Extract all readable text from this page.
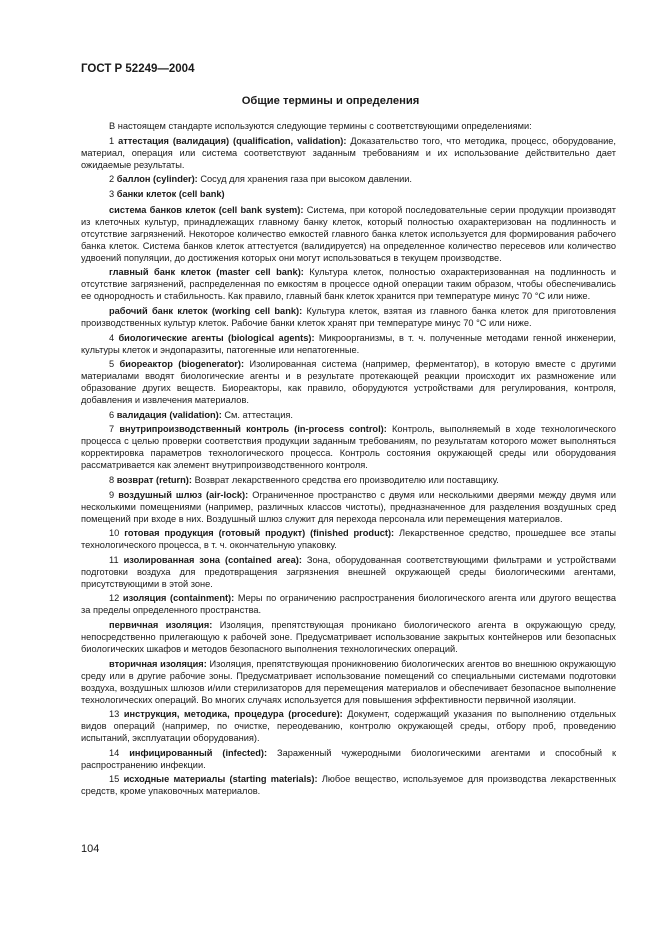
ГОСТ Р 52249—2004
Общие термины и определения

В настоящем стандарте используются следующие термины с соответствующими определениями:

1 аттестация (валидация) (qualification, validation): Доказательство того, что методика, процесс, оборудование, материал, операция или система соответствуют заданным требованиям и их использование действительно дает ожидаемые результаты.

2 баллон (cylinder): Сосуд для хранения газа при высоком давлении.

3 банки клеток (cell bank)

система банков клеток (cell bank system): Система, при которой последовательные серии продукции производят из клеточных культур, принадлежащих главному банку клеток, который полностью охарактеризован на подлинность и отсутствие загрязнений. Некоторое количество емкостей главного банка клеток используется для формирования рабочего банка клеток. Система банков клеток аттестуется (валидируется) на определенное количество пересевов или количество удвоений популяции, до достижения которых они могут использоваться в текущем производстве.

главный банк клеток (master cell bank): Культура клеток, полностью охарактеризованная на подлинность и отсутствие загрязнений, распределенная по емкостям в процессе одной операции таким образом, чтобы обеспечивались ее однородность и стабильность. Как правило, главный банк клеток хранится при температуре минус 70 °С или ниже.

рабочий банк клеток (working cell bank): Культура клеток, взятая из главного банка клеток для приготовления производственных культур клеток. Рабочие банки клеток хранят при температуре минус 70 °С или ниже.

4 биологические агенты (biological agents): Микроорганизмы, в т. ч. полученные методами генной инженерии, культуры клеток и эндопаразиты, патогенные или непатогенные.

5 биореактор (biogenerator): Изолированная система (например, ферментатор), в которую вместе с другими материалами вводят биологические агенты и в результате протекающей реакции происходит их размножение или образование других веществ. Биореакторы, как правило, оборудуются устройствами для регулирования, контроля, добавления и извлечения материалов.

6 валидация (validation): См. аттестация.

7 внутрипроизводственный контроль (in-process control): Контроль, выполняемый в ходе технологического процесса с целью проверки соответствия продукции заданным требованиям, по результатам которого может выполняться корректировка параметров технологического процесса. Контроль состояния окружающей среды или оборудования рассматривается как элемент внутрипроизводственного контроля.

8 возврат (return): Возврат лекарственного средства его производителю или поставщику.

9 воздушный шлюз (air-lock): Ограниченное пространство с двумя или несколькими дверями между двумя или несколькими помещениями (например, различных классов чистоты), предназначенное для разделения воздушных сред помещений при входе в них. Воздушный шлюз служит для перехода персонала или перемещения материалов.

10 готовая продукция (готовый продукт) (finished product): Лекарственное средство, прошедшее все этапы технологического процесса, в т. ч. окончательную упаковку.

11 изолированная зона (contained area): Зона, оборудованная соответствующими фильтрами и устройствами подготовки воздуха для предотвращения загрязнения внешней окружающей среды биологическими агентами, присутствующими в этой зоне.

12 изоляция (containment): Меры по ограничению распространения биологического агента или другого вещества за пределы определенного пространства.

первичная изоляция: Изоляция, препятствующая проникано биологического агента в окружающую среду, непосредственно прилегающую к рабочей зоне. Предусматривает использование закрытых контейнеров или безопасных биологических шкафов и методов безопасного выполнения технологических операций.

вторичная изоляция: Изоляция, препятствующая проникновению биологических агентов во внешнюю окружающую среду или в другие рабочие зоны. Предусматривает использование помещений со специальными системами подготовки воздуха, воздушных шлюзов и/или стерилизаторов для перемещения материалов и обеспечивает безопасное выполнение технологических операций. Во многих случаях используется для повышения эффективности первичной изоляции.

13 инструкция, методика, процедура (procedure): Документ, содержащий указания по выполнению отдельных видов операций (например, по очистке, переодеванию, контролю окружающей среды, отбору проб, проведению испытаний, эксплуатации оборудования).

14 инфицированный (infected): Зараженный чужеродными биологическими агентами и способный к распространению инфекции.

15 исходные материалы (starting materials): Любое вещество, используемое для производства лекарственных средств, кроме упаковочных материалов.

104
